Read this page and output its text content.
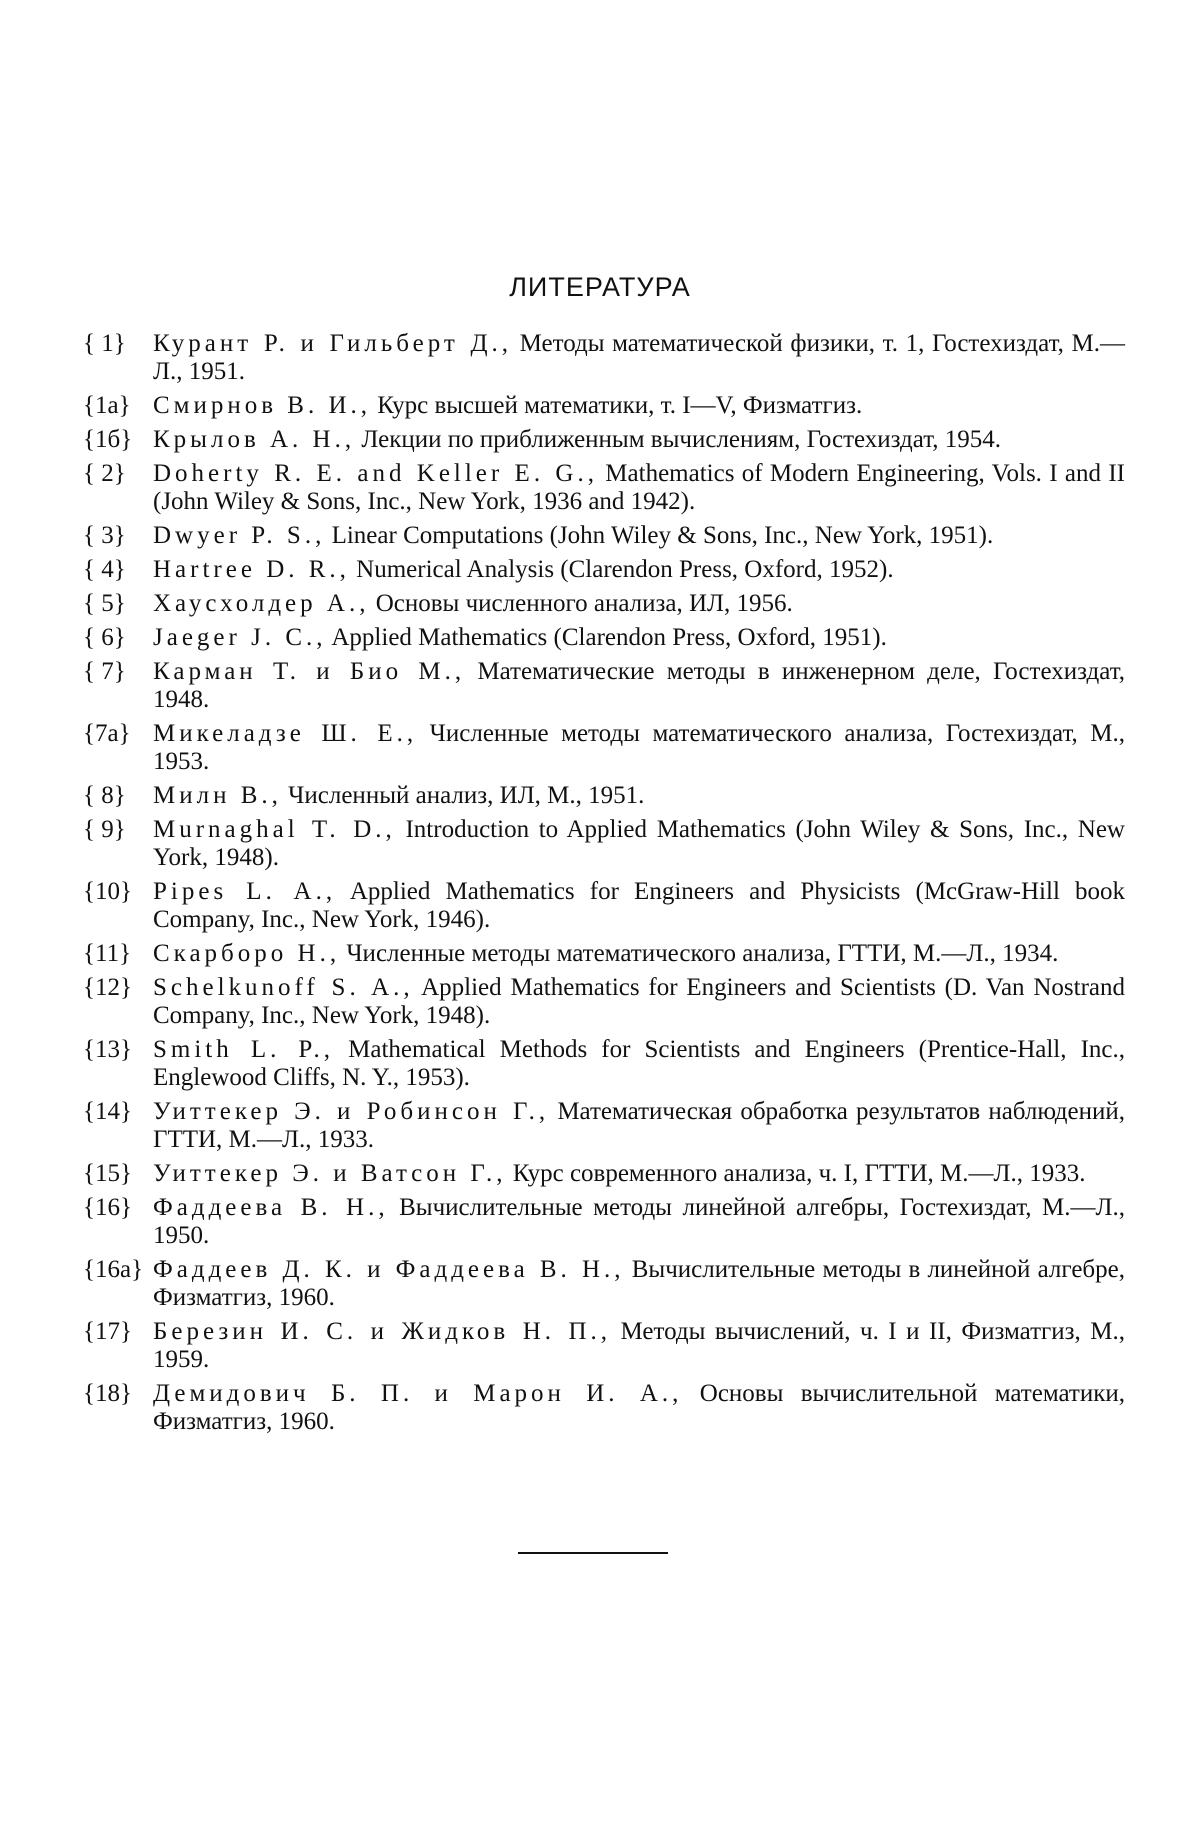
ЛИТЕРАТУРА
{ 1}	Курант Р. и Гильберт Д., Методы математической физики, т. 1, Гостехиздат, М.—Л., 1951.
{1а} Смирнов В. И., Курс высшей математики, т. I—V, Физматгиз.
{1б} Крылов А. Н., Лекции по приближенным вычислениям, Гостехиздат, 1954.
{ 2}	Doherty R. E. and Keller E. G., Mathematics of Modern Engineering, Vols. I and II (John Wiley & Sons, Inc., New York, 1936 and 1942).
{ 3}	Dwyer P. S., Linear Computations (John Wiley & Sons, Inc., New York, 1951).
{ 4}	Hartree D. R., Numerical Analysis (Clarendon Press, Oxford, 1952).
{ 5}	Хаусхолдер А., Основы численного анализа, ИЛ, 1956.
{ 6}	Jaeger J. C., Applied Mathematics (Clarendon Press, Oxford, 1951).
{ 7}	Карман Т. и Био М., Математические методы в инженерном деле, Гостехиздат, 1948.
{7а} Микеладзе Ш. Е., Численные методы математического анализа, Гостехиздат, М., 1953.
{ 8}	Милн В., Численный анализ, ИЛ, М., 1951.
{ 9}	Murnaghal T. D., Introduction to Applied Mathematics (John Wiley & Sons, Inc., New York, 1948).
{10} Pipes L. A., Applied Mathematics for Engineers and Physicists (McGraw-Hill book Company, Inc., New York, 1946).
{11} Скарборо Н., Численные методы математического анализа, ГТТИ, М.—Л., 1934.
{12} Schelkunoff S. A., Applied Mathematics for Engineers and Scientists (D. Van Nostrand Company, Inc., New York, 1948).
{13} Smith L. P., Mathematical Methods for Scientists and Engineers (Prentice-Hall, Inc., Englewood Cliffs, N. Y., 1953).
{14} Уиттекер Э. и Робинсон Г., Математическая обработка результатов наблюдений, ГТТИ, М.—Л., 1933.
{15} Уиттекер Э. и Ватсон Г., Курс современного анализа, ч. I, ГТТИ, М.—Л., 1933.
{16} Фаддеева В. Н., Вычислительные методы линейной алгебры, Гостехиздат, М.—Л., 1950.
{16а} Фаддеев Д. К. и Фаддеева В. Н., Вычислительные методы в линейной алгебре, Физматгиз, 1960.
{17} Березин И. С. и Жидков Н. П., Методы вычислений, ч. I и II, Физматгиз, М., 1959.
{18} Демидович Б. П. и Марон И. А., Основы вычислительной математики, Физматгиз, 1960.
